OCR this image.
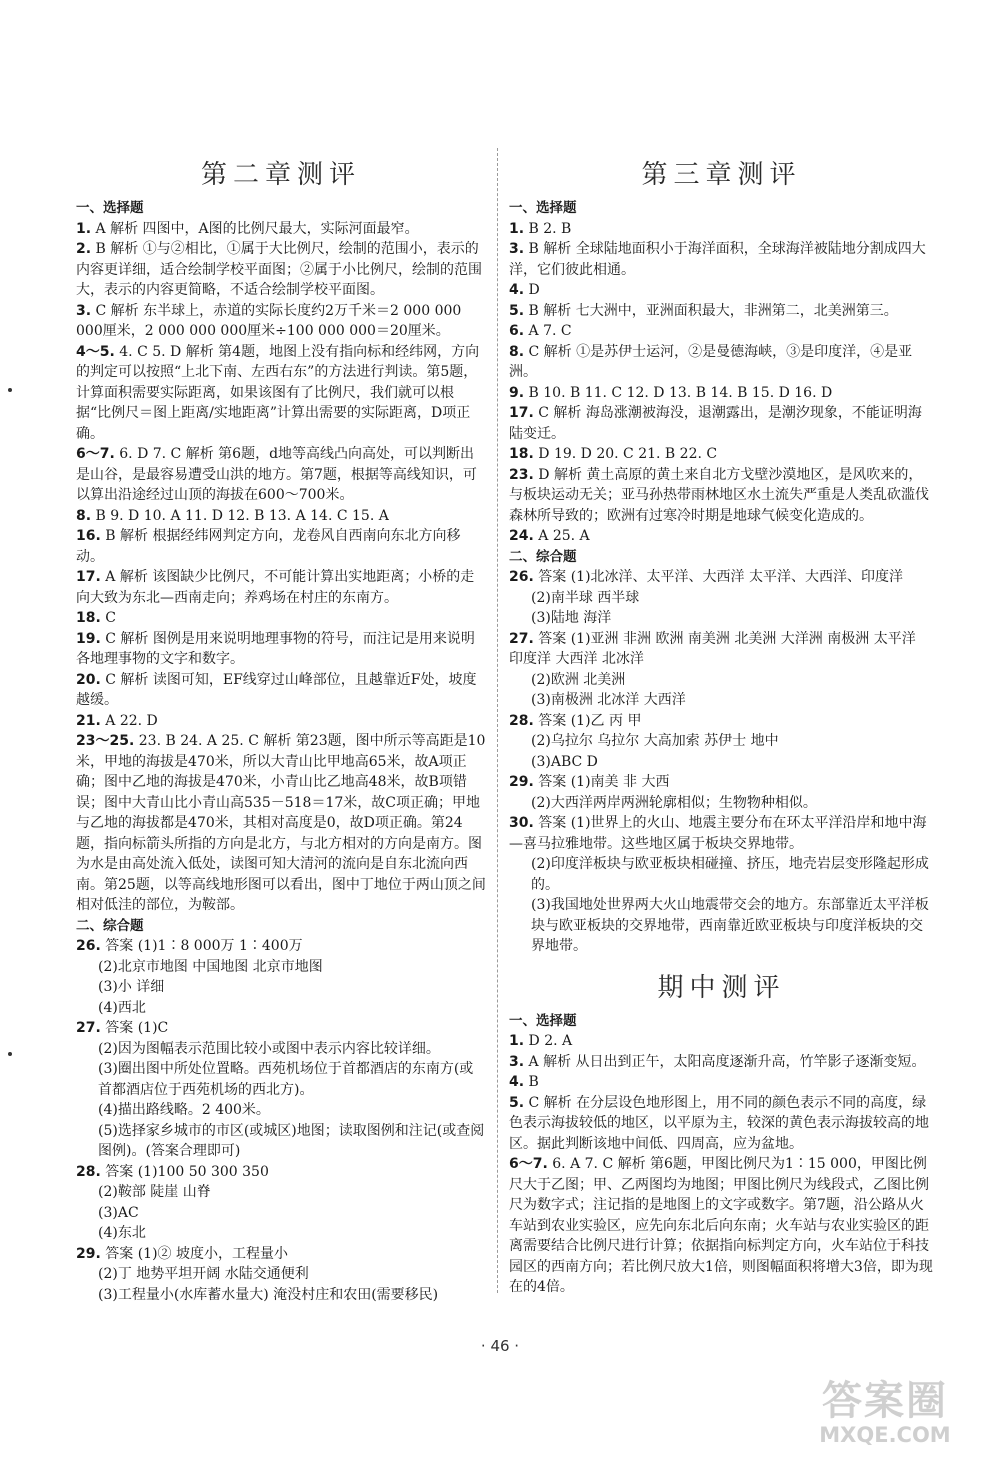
第二章测评
一、选择题

1. A 解析 四图中，A图的比例尺最大，实际河面最窄。

2. B 解析 ①与②相比，①属于大比例尺，绘制的范围小，表示的内容更详细，适合绘制学校平面图；②属于小比例尺，绘制的范围大，表示的内容更简略，不适合绘制学校平面图。

3. C 解析 东半球上，赤道的实际长度约2万千米＝2 000 000 000厘米，2 000 000 000厘米÷100 000 000＝20厘米。

4～5. 4. C 5. D 解析 第4题，地图上没有指向标和经纬网，方向的判定可以按照“上北下南、左西右东”的方法进行判读。第5题，计算面积需要实际距离，如果该图有了比例尺，我们就可以根据“比例尺＝图上距离/实地距离”计算出需要的实际距离，D项正确。

6～7. 6. D 7. C 解析 第6题，d地等高线凸向高处，可以判断出是山谷，是最容易遭受山洪的地方。第7题，根据等高线知识，可以算出沿途经过山顶的海拔在600～700米。

8. B 9. D 10. A 11. D 12. B 13. A 14. C 15. A

16. B 解析 根据经纬网判定方向，龙卷风自西南向东北方向移动。

17. A 解析 该图缺少比例尺，不可能计算出实地距离；小桥的走向大致为东北—西南走向；养鸡场在村庄的东南方。

18. C

19. C 解析 图例是用来说明地理事物的符号，而注记是用来说明各地理事物的文字和数字。

20. C 解析 读图可知，EF线穿过山峰部位，且越靠近F处，坡度越缓。

21. A 22. D

23～25. 23. B 24. A 25. C 解析 第23题，图中所示等高距是10米，甲地的海拔是470米，所以大青山比甲地高65米，故A项正确；图中乙地的海拔是470米，小青山比乙地高48米，故B项错误；图中大青山比小青山高535－518＝17米，故C项正确；甲地与乙地的海拔都是470米，其相对高度是0，故D项正确。第24题，指向标箭头所指的方向是北方，与北方相对的方向是南方。图为水是由高处流入低处，读图可知大清河的流向是自东北流向西南。第25题，以等高线地形图可以看出，图中丁地位于两山顶之间相对低洼的部位，为鞍部。

二、综合题

26. 答案 (1)1∶8 000万 1∶400万

(2)北京市地图 中国地图 北京市地图

(3)小 详细

(4)西北

27. 答案 (1)C

(2)因为图幅表示范围比较小或图中表示内容比较详细。

(3)圈出图中所处位置略。西苑机场位于首都酒店的东南方(或首都酒店位于西苑机场的西北方)。

(4)描出路线略。2 400米。

(5)选择家乡城市的市区(或城区)地图；读取图例和注记(或查阅图例)。(答案合理即可)

28. 答案 (1)100 50 300 350

(2)鞍部 陡崖 山脊

(3)AC

(4)东北

29. 答案 (1)② 坡度小，工程量小

(2)丁 地势平坦开阔 水陆交通便利

(3)工程量小(水库蓄水量大) 淹没村庄和农田(需要移民)

第三章测评
一、选择题

1. B 2. B

3. B 解析 全球陆地面积小于海洋面积，全球海洋被陆地分割成四大洋，它们彼此相通。

4. D

5. B 解析 七大洲中，亚洲面积最大，非洲第二，北美洲第三。

6. A 7. C

8. C 解析 ①是苏伊士运河，②是曼德海峡，③是印度洋，④是亚洲。

9. B 10. B 11. C 12. D 13. B 14. B 15. D 16. D

17. C 解析 海岛涨潮被海没，退潮露出，是潮汐现象，不能证明海陆变迁。

18. D 19. D 20. C 21. B 22. C

23. D 解析 黄土高原的黄土来自北方戈壁沙漠地区，是风吹来的，与板块运动无关；亚马孙热带雨林地区水土流失严重是人类乱砍滥伐森林所导致的；欧洲有过寒冷时期是地球气候变化造成的。

24. A 25. A

二、综合题

26. 答案 (1)北冰洋、太平洋、大西洋 太平洋、大西洋、印度洋

(2)南半球 西半球

(3)陆地 海洋

27. 答案 (1)亚洲 非洲 欧洲 南美洲 北美洲 大洋洲 南极洲 太平洋 印度洋 大西洋 北冰洋

(2)欧洲 北美洲

(3)南极洲 北冰洋 大西洋

28. 答案 (1)乙 丙 甲

(2)乌拉尔 乌拉尔 大高加索 苏伊士 地中

(3)ABC D

29. 答案 (1)南美 非 大西

(2)大西洋两岸两洲轮廓相似；生物物种相似。

30. 答案 (1)世界上的火山、地震主要分布在环太平洋沿岸和地中海—喜马拉雅地带。这些地区属于板块交界地带。

(2)印度洋板块与欧亚板块相碰撞、挤压，地壳岩层变形隆起形成的。

(3)我国地处世界两大火山地震带交会的地方。东部靠近太平洋板块与欧亚板块的交界地带，西南靠近欧亚板块与印度洋板块的交界地带。

期中测评
一、选择题

1. D 2. A

3. A 解析 从日出到正午，太阳高度逐渐升高，竹竿影子逐渐变短。

4. B

5. C 解析 在分层设色地形图上，用不同的颜色表示不同的高度，绿色表示海拔较低的地区，以平原为主，较深的黄色表示海拔较高的地区。据此判断该地中间低、四周高，应为盆地。

6～7. 6. A 7. C 解析 第6题，甲图比例尺为1∶15 000，甲图比例尺大于乙图；甲、乙两图均为地图；甲图比例尺为线段式，乙图比例尺为数字式；注记指的是地图上的文字或数字。第7题，沿公路从火车站到农业实验区，应先向东北后向东南；火车站与农业实验区的距离需要结合比例尺进行计算；依据指向标判定方向，火车站位于科技园区的西南方向；若比例尺放大1倍，则图幅面积将增大3倍，即为现在的4倍。

· 46 ·
答案圈
MXQE.COM
